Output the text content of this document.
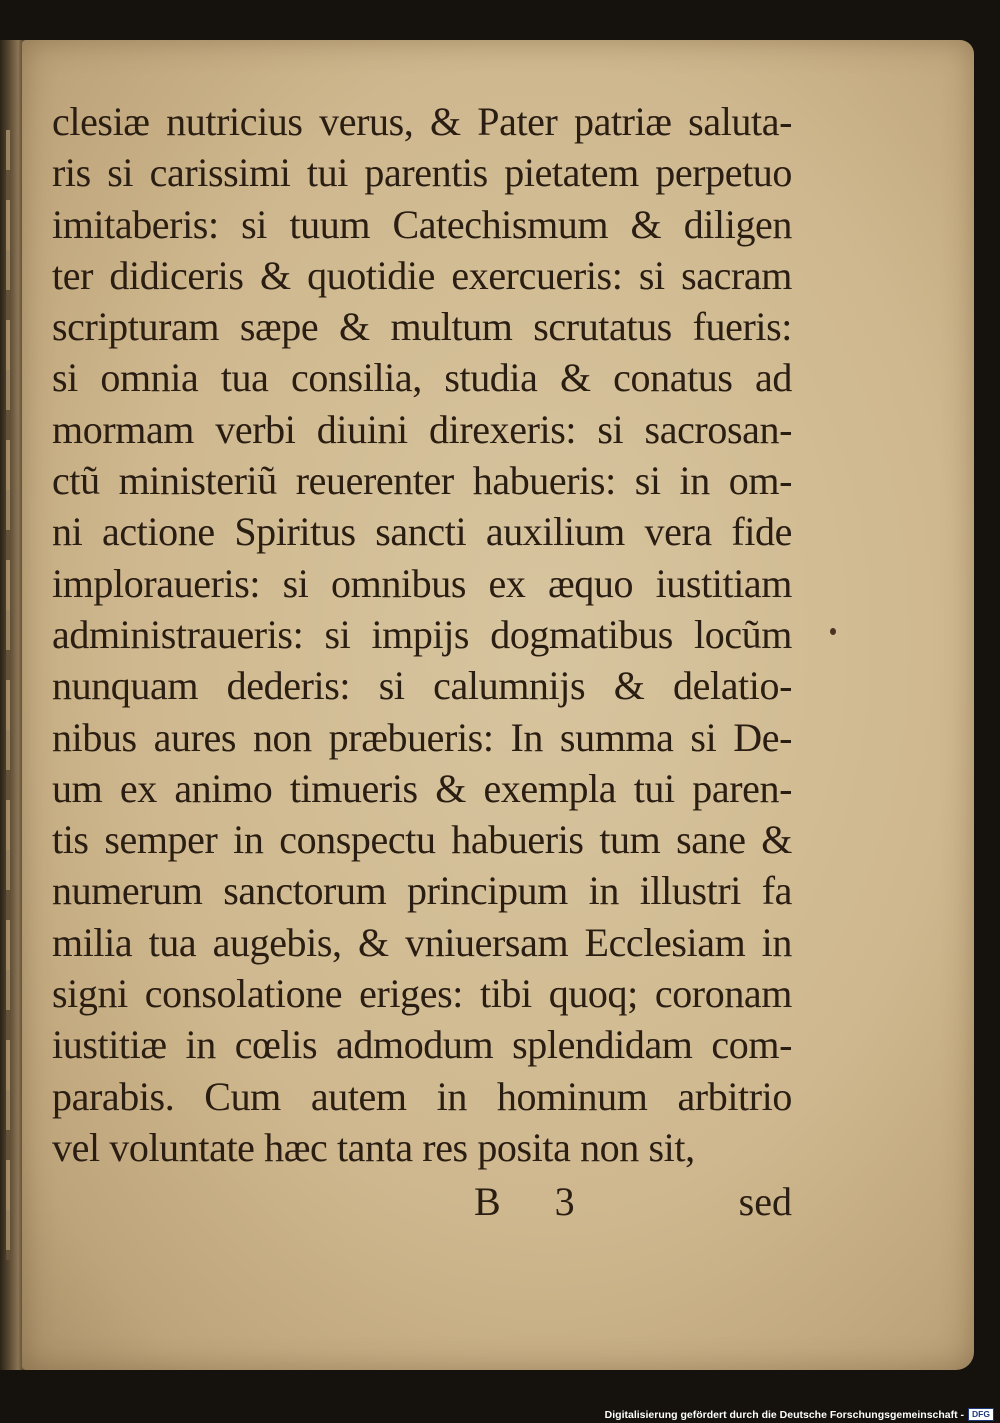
clesiæ nutricius verus, & Pater patriæ saluta-
ris si carissimi tui parentis pietatem perpetuo
imitaberis: si tuum Catechismum & diligen
ter didiceris & quotidie exercueris: si sacram
scripturam sæpe & multum scrutatus fueris:
si omnia tua consilia, studia & conatus ad
mormam verbi diuini direxeris: si sacrosan-
ctũ ministeriũ reuerenter habueris: si in om-
ni actione Spiritus sancti auxilium vera fide
imploraueris: si omnibus ex æquo iustitiam
administraueris: si impijs dogmatibus locũm
nunquam dederis: si calumnijs & delatio-
nibus aures non præbueris: In summa si De-
um ex animo timueris & exempla tui paren-
tis semper in conspectu habueris tum sane &
numerum sanctorum principum in illustri fa
milia tua augebis, & vniuersam Ecclesiam in
signi consolatione eriges: tibi quoq; coronam
iustitiæ in cœlis admodum splendidam com-
parabis. Cum autem in hominum arbitrio
vel voluntate hæc tanta res posita non sit,
B 3	sed
Digitalisierung gefördert durch die Deutsche Forschungsgemeinschaft - DFG
